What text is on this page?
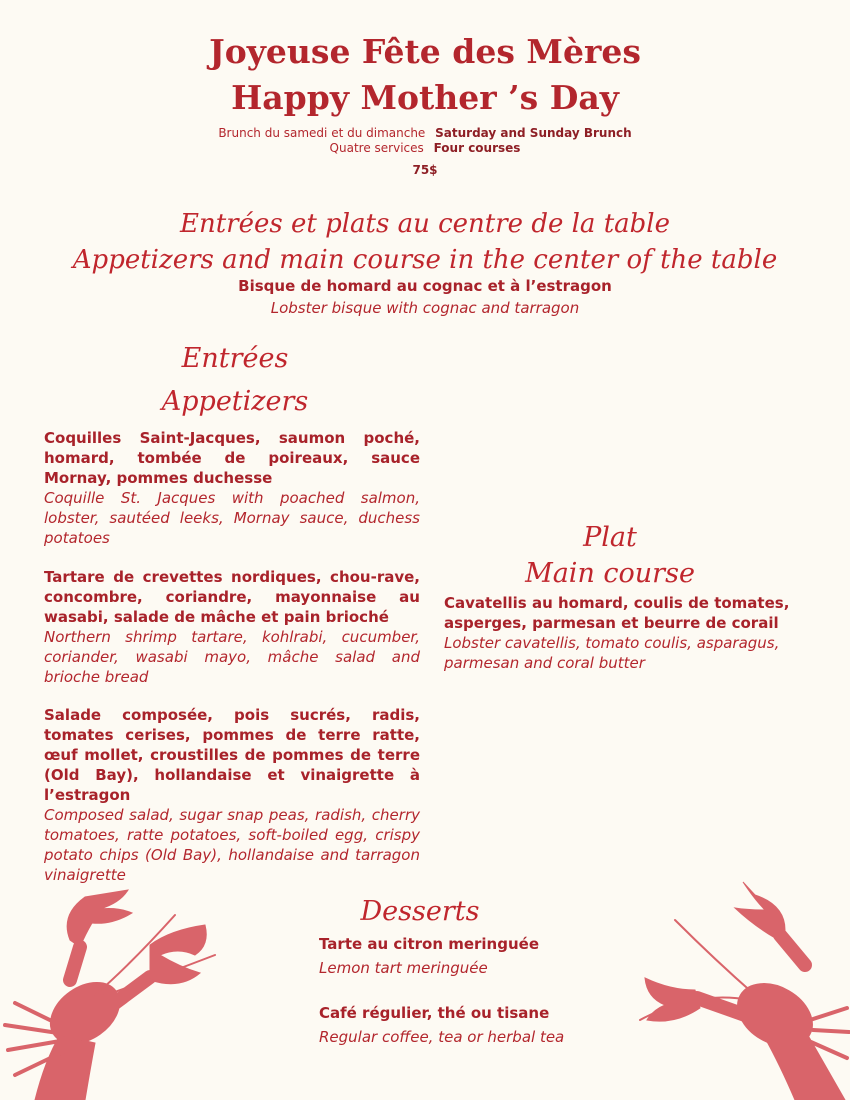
Joyeuse Fête des Mères
Happy Mother ’s Day
Brunch du samedi et du dimanche Saturday and Sunday Brunch
Quatre services Four courses
75$
Entrées et plats au centre de la table
Appetizers and main course in the center of the table
Bisque de homard au cognac et à l’estragon
Lobster bisque with cognac and tarragon
Entrées
Appetizers
Coquilles Saint-Jacques, saumon poché, homard, tombée de poireaux, sauce Mornay, pommes duchesse
Coquille St. Jacques with poached salmon, lobster, sautéed leeks, Mornay sauce, duchess potatoes
Tartare de crevettes nordiques, chou-rave, concombre, coriandre, mayonnaise au wasabi, salade de mâche et pain brioché
Northern shrimp tartare, kohlrabi, cucumber, coriander, wasabi mayo, mâche salad and brioche bread
Salade composée, pois sucrés, radis, tomates cerises, pommes de terre ratte, œuf mollet, croustilles de pommes de terre (Old Bay), hollandaise et vinaigrette à l’estragon
Composed salad, sugar snap peas, radish, cherry tomatoes, ratte potatoes, soft-boiled egg, crispy potato chips (Old Bay), hollandaise and tarragon vinaigrette
Plat
Main course
Cavatellis au homard, coulis de tomates, asperges, parmesan et beurre de corail
Lobster cavatellis, tomato coulis, asparagus, parmesan and coral butter
Desserts
Tarte au citron meringuée
Lemon tart meringuée
Café régulier, thé ou tisane
Regular coffee, tea or herbal tea
